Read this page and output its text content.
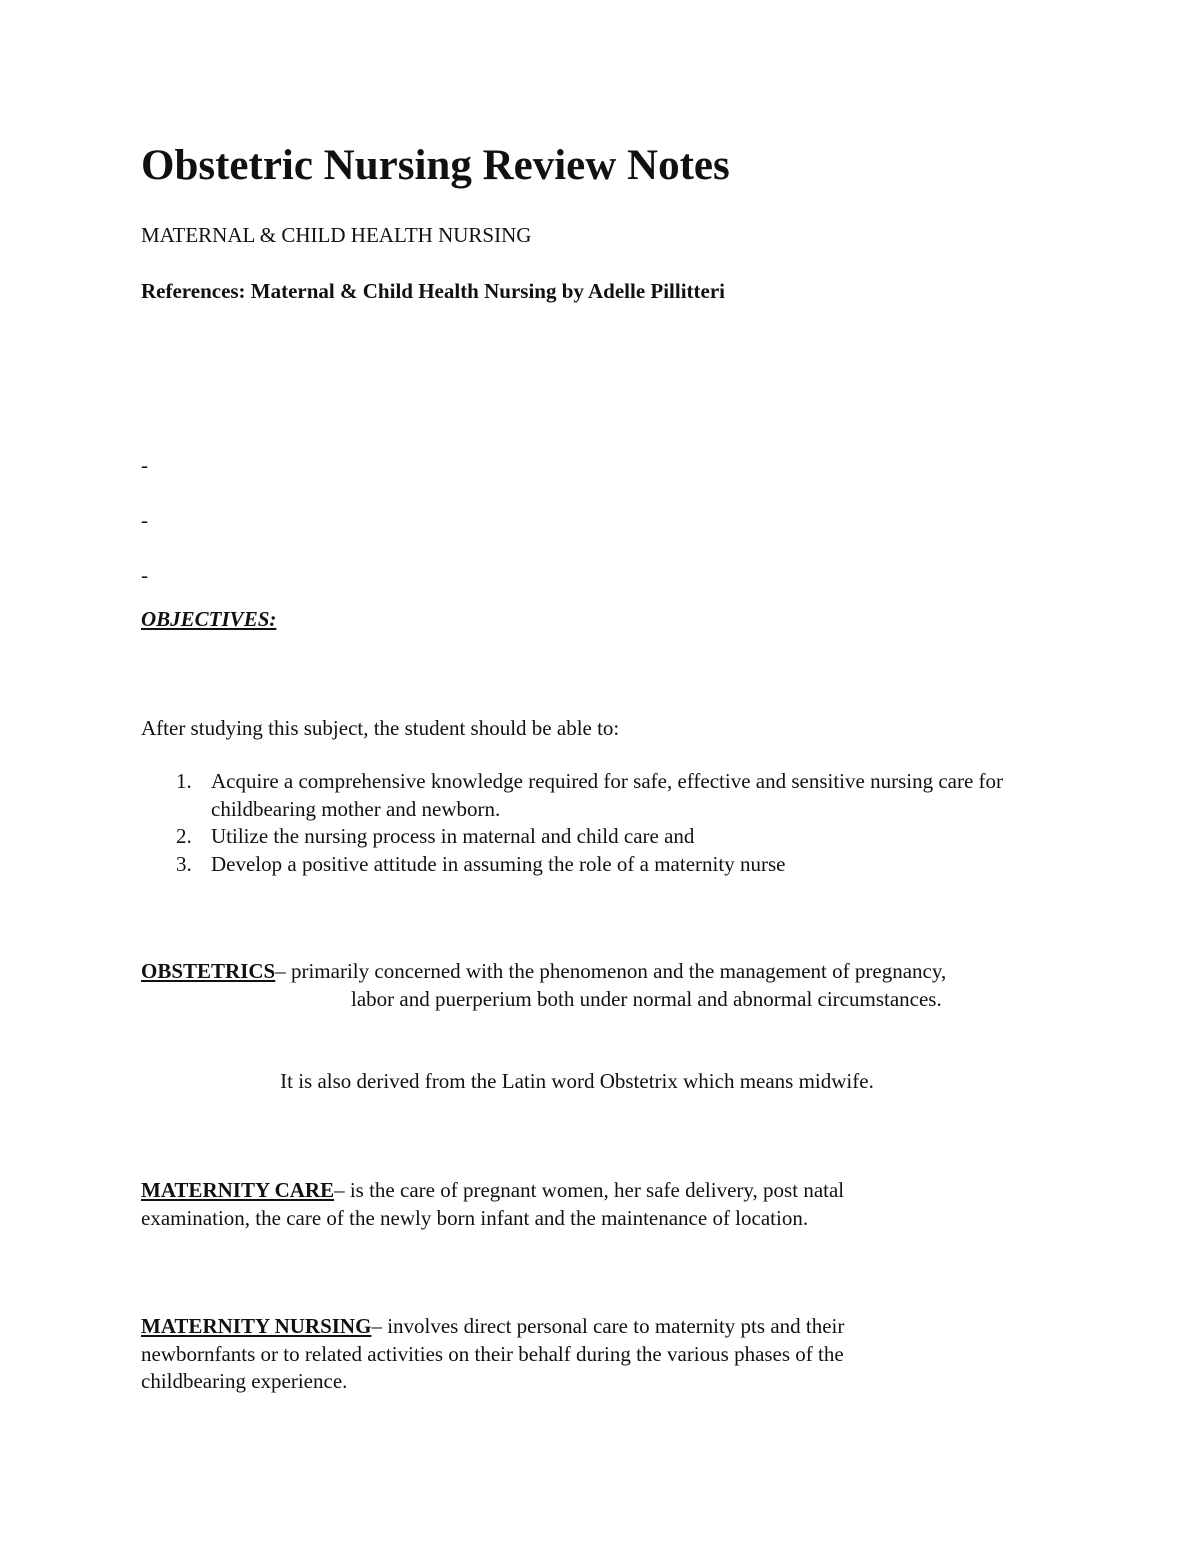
Obstetric Nursing Review Notes
MATERNAL & CHILD HEALTH NURSING
References: Maternal & Child Health Nursing by Adelle Pillitteri
-
-
-
OBJECTIVES:
After studying this subject, the student should be able to:
1. Acquire a comprehensive knowledge required for safe, effective and sensitive nursing care for childbearing mother and newborn.
2. Utilize the nursing process in maternal and child care and
3. Develop a positive attitude in assuming the role of a maternity nurse
OBSTETRICS– primarily concerned with the phenomenon and the management of pregnancy,labor and puerperium both under normal and abnormal circumstances.
It is also derived from the Latin word Obstetrix which means midwife.
MATERNITY CARE– is the care of pregnant women, her safe delivery, post natal examination, the care of the newly born infant and the maintenance of location.
MATERNITY NURSING– involves direct personal care to maternity pts and their newbornfants or to related activities on their behalf during the various phases of the childbearing experience.
